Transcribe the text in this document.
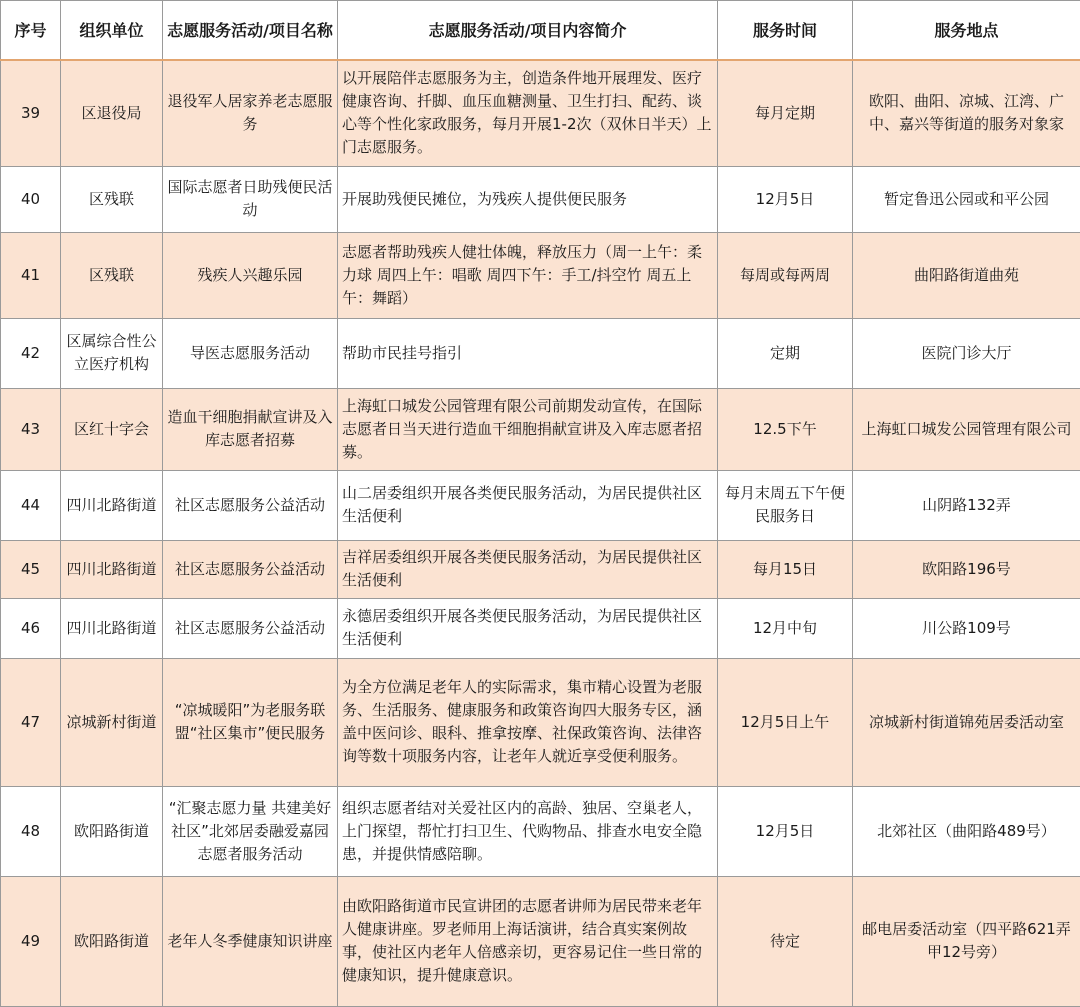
序号	组织单位	志愿服务活动/项目名称	志愿服务活动/项目内容简介	服务时间	服务地点
39	区退役局	退役军人居家养老志愿服务	以开展陪伴志愿服务为主，创造条件地开展理发、医疗健康咨询、扦脚、血压血糖测量、卫生打扫、配药、谈心等个性化家政服务，每月开展1-2次（双休日半天）上门志愿服务。	每月定期	欧阳、曲阳、凉城、江湾、广中、嘉兴等街道的服务对象家
40	区残联	国际志愿者日助残便民活动	开展助残便民摊位，为残疾人提供便民服务	12月5日	暂定鲁迅公园或和平公园
41	区残联	残疾人兴趣乐园	志愿者帮助残疾人健壮体魄，释放压力（周一上午：柔力球 周四上午：唱歌 周四下午：手工/抖空竹 周五上午：舞蹈）	每周或每两周	曲阳路街道曲苑
42	区属综合性公立医疗机构	导医志愿服务活动	帮助市民挂号指引	定期	医院门诊大厅
43	区红十字会	造血干细胞捐献宣讲及入库志愿者招募	上海虹口城发公园管理有限公司前期发动宣传，在国际志愿者日当天进行造血干细胞捐献宣讲及入库志愿者招募。	12.5下午	上海虹口城发公园管理有限公司
44	四川北路街道	社区志愿服务公益活动	山二居委组织开展各类便民服务活动，为居民提供社区生活便利	每月末周五下午便民服务日	山阴路132弄
45	四川北路街道	社区志愿服务公益活动	吉祥居委组织开展各类便民服务活动，为居民提供社区生活便利	每月15日	欧阳路196号
46	四川北路街道	社区志愿服务公益活动	永德居委组织开展各类便民服务活动，为居民提供社区生活便利	12月中旬	川公路109号
47	凉城新村街道	“凉城暖阳”为老服务联盟“社区集市”便民服务	为全方位满足老年人的实际需求，集市精心设置为老服务、生活服务、健康服务和政策咨询四大服务专区，涵盖中医问诊、眼科、推拿按摩、社保政策咨询、法律咨询等数十项服务内容，让老年人就近享受便利服务。	12月5日上午	凉城新村街道锦苑居委活动室
48	欧阳路街道	“汇聚志愿力量 共建美好社区”北郊居委融爱嘉园志愿者服务活动	组织志愿者结对关爱社区内的高龄、独居、空巢老人，上门探望，帮忙打扫卫生、代购物品、排查水电安全隐患，并提供情感陪聊。	12月5日	北郊社区（曲阳路489号）
49	欧阳路街道	老年人冬季健康知识讲座	由欧阳路街道市民宣讲团的志愿者讲师为居民带来老年人健康讲座。罗老师用上海话演讲，结合真实案例故事，使社区内老年人倍感亲切，更容易记住一些日常的健康知识，提升健康意识。	待定	邮电居委活动室（四平路621弄甲12号旁）
